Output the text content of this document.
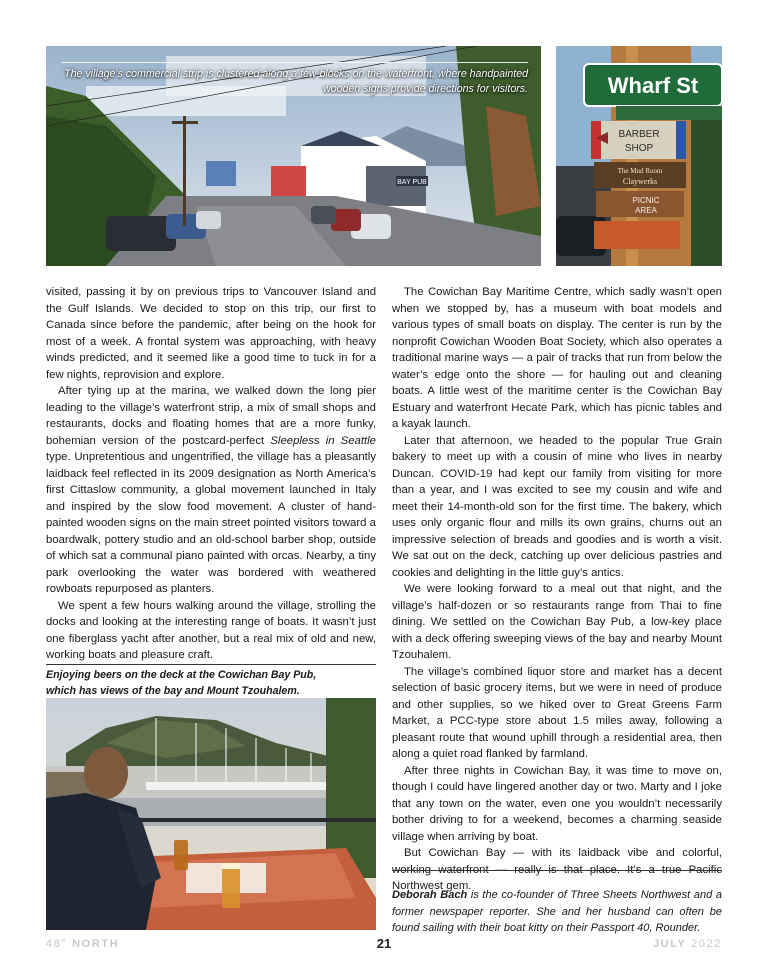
BAY PUB
The village’s commercial strip is clustered along a few blocks on the waterfront, where handpainted wooden signs provide directions for visitors.	Wharf St
BARBER
SHOP
The Mud Room
Claywerks
PICNIC
AREA

visited, passing it by on previous trips to Vancouver Island and the Gulf Islands. We decided to stop on this trip, our first to Canada since before the pandemic, after being on the hook for most of a week. A frontal system was approaching, with heavy winds predicted, and it seemed like a good time to tuck in for a few nights, reprovision and explore.

After tying up at the marina, we walked down the long pier leading to the village’s waterfront strip, a mix of small shops and restaurants, docks and floating homes that are a more funky, bohemian version of the postcard-perfect Sleepless in Seattle type. Unpretentious and ungentrified, the village has a pleasantly laidback feel reflected in its 2009 designation as North America’s first Cittaslow community, a global movement launched in Italy and inspired by the slow food movement. A cluster of hand-painted wooden signs on the main street pointed visitors toward a boardwalk, pottery studio and an old-school barber shop, outside of which sat a communal piano painted with orcas. Nearby, a tiny park overlooking the water was bordered with weathered rowboats repurposed as planters.

We spent a few hours walking around the village, strolling the docks and looking at the interesting range of boats. It wasn’t just one fiberglass yacht after another, but a real mix of old and new, working boats and pleasure craft.

Enjoying beers on the deck at the Cowichan Bay Pub,
which has views of the bay and Mount Tzouhalem.

The Cowichan Bay Maritime Centre, which sadly wasn’t open when we stopped by, has a museum with boat models and various types of small boats on display. The center is run by the nonprofit Cowichan Wooden Boat Society, which also operates a traditional marine ways — a pair of tracks that run from below the water’s edge onto the shore — for hauling out and cleaning boats. A little west of the maritime center is the Cowichan Bay Estuary and waterfront Hecate Park, which has picnic tables and a kayak launch.

Later that afternoon, we headed to the popular True Grain bakery to meet up with a cousin of mine who lives in nearby Duncan. COVID-19 had kept our family from visiting for more than a year, and I was excited to see my cousin and wife and meet their 14-month-old son for the first time. The bakery, which uses only organic flour and mills its own grains, churns out an impressive selection of breads and goodies and is worth a visit. We sat out on the deck, catching up over delicious pastries and cookies and delighting in the little guy’s antics.

We were looking forward to a meal out that night, and the village’s half-dozen or so restaurants range from Thai to fine dining. We settled on the Cowichan Bay Pub, a low-key place with a deck offering sweeping views of the bay and nearby Mount Tzouhalem.

The village’s combined liquor store and market has a decent selection of basic grocery items, but we were in need of produce and other supplies, so we hiked over to Great Greens Farm Market, a PCC-type store about 1.5 miles away, following a pleasant route that wound uphill through a residential area, then along a quiet road flanked by farmland.

After three nights in Cowichan Bay, it was time to move on, though I could have lingered another day or two. Marty and I joke that any town on the water, even one you wouldn’t necessarily bother driving to for a weekend, becomes a charming seaside village when arriving by boat.

But Cowichan Bay — with its laidback vibe and colorful, working waterfront — really is that place. It’s a true Pacific Northwest gem.

Deborah Bach is the co-founder of Three Sheets Northwest and a former newspaper reporter. She and her husband can often be found sailing with their boat kitty on their Passport 40, Rounder.
48° NORTH	21	JULY 2022
